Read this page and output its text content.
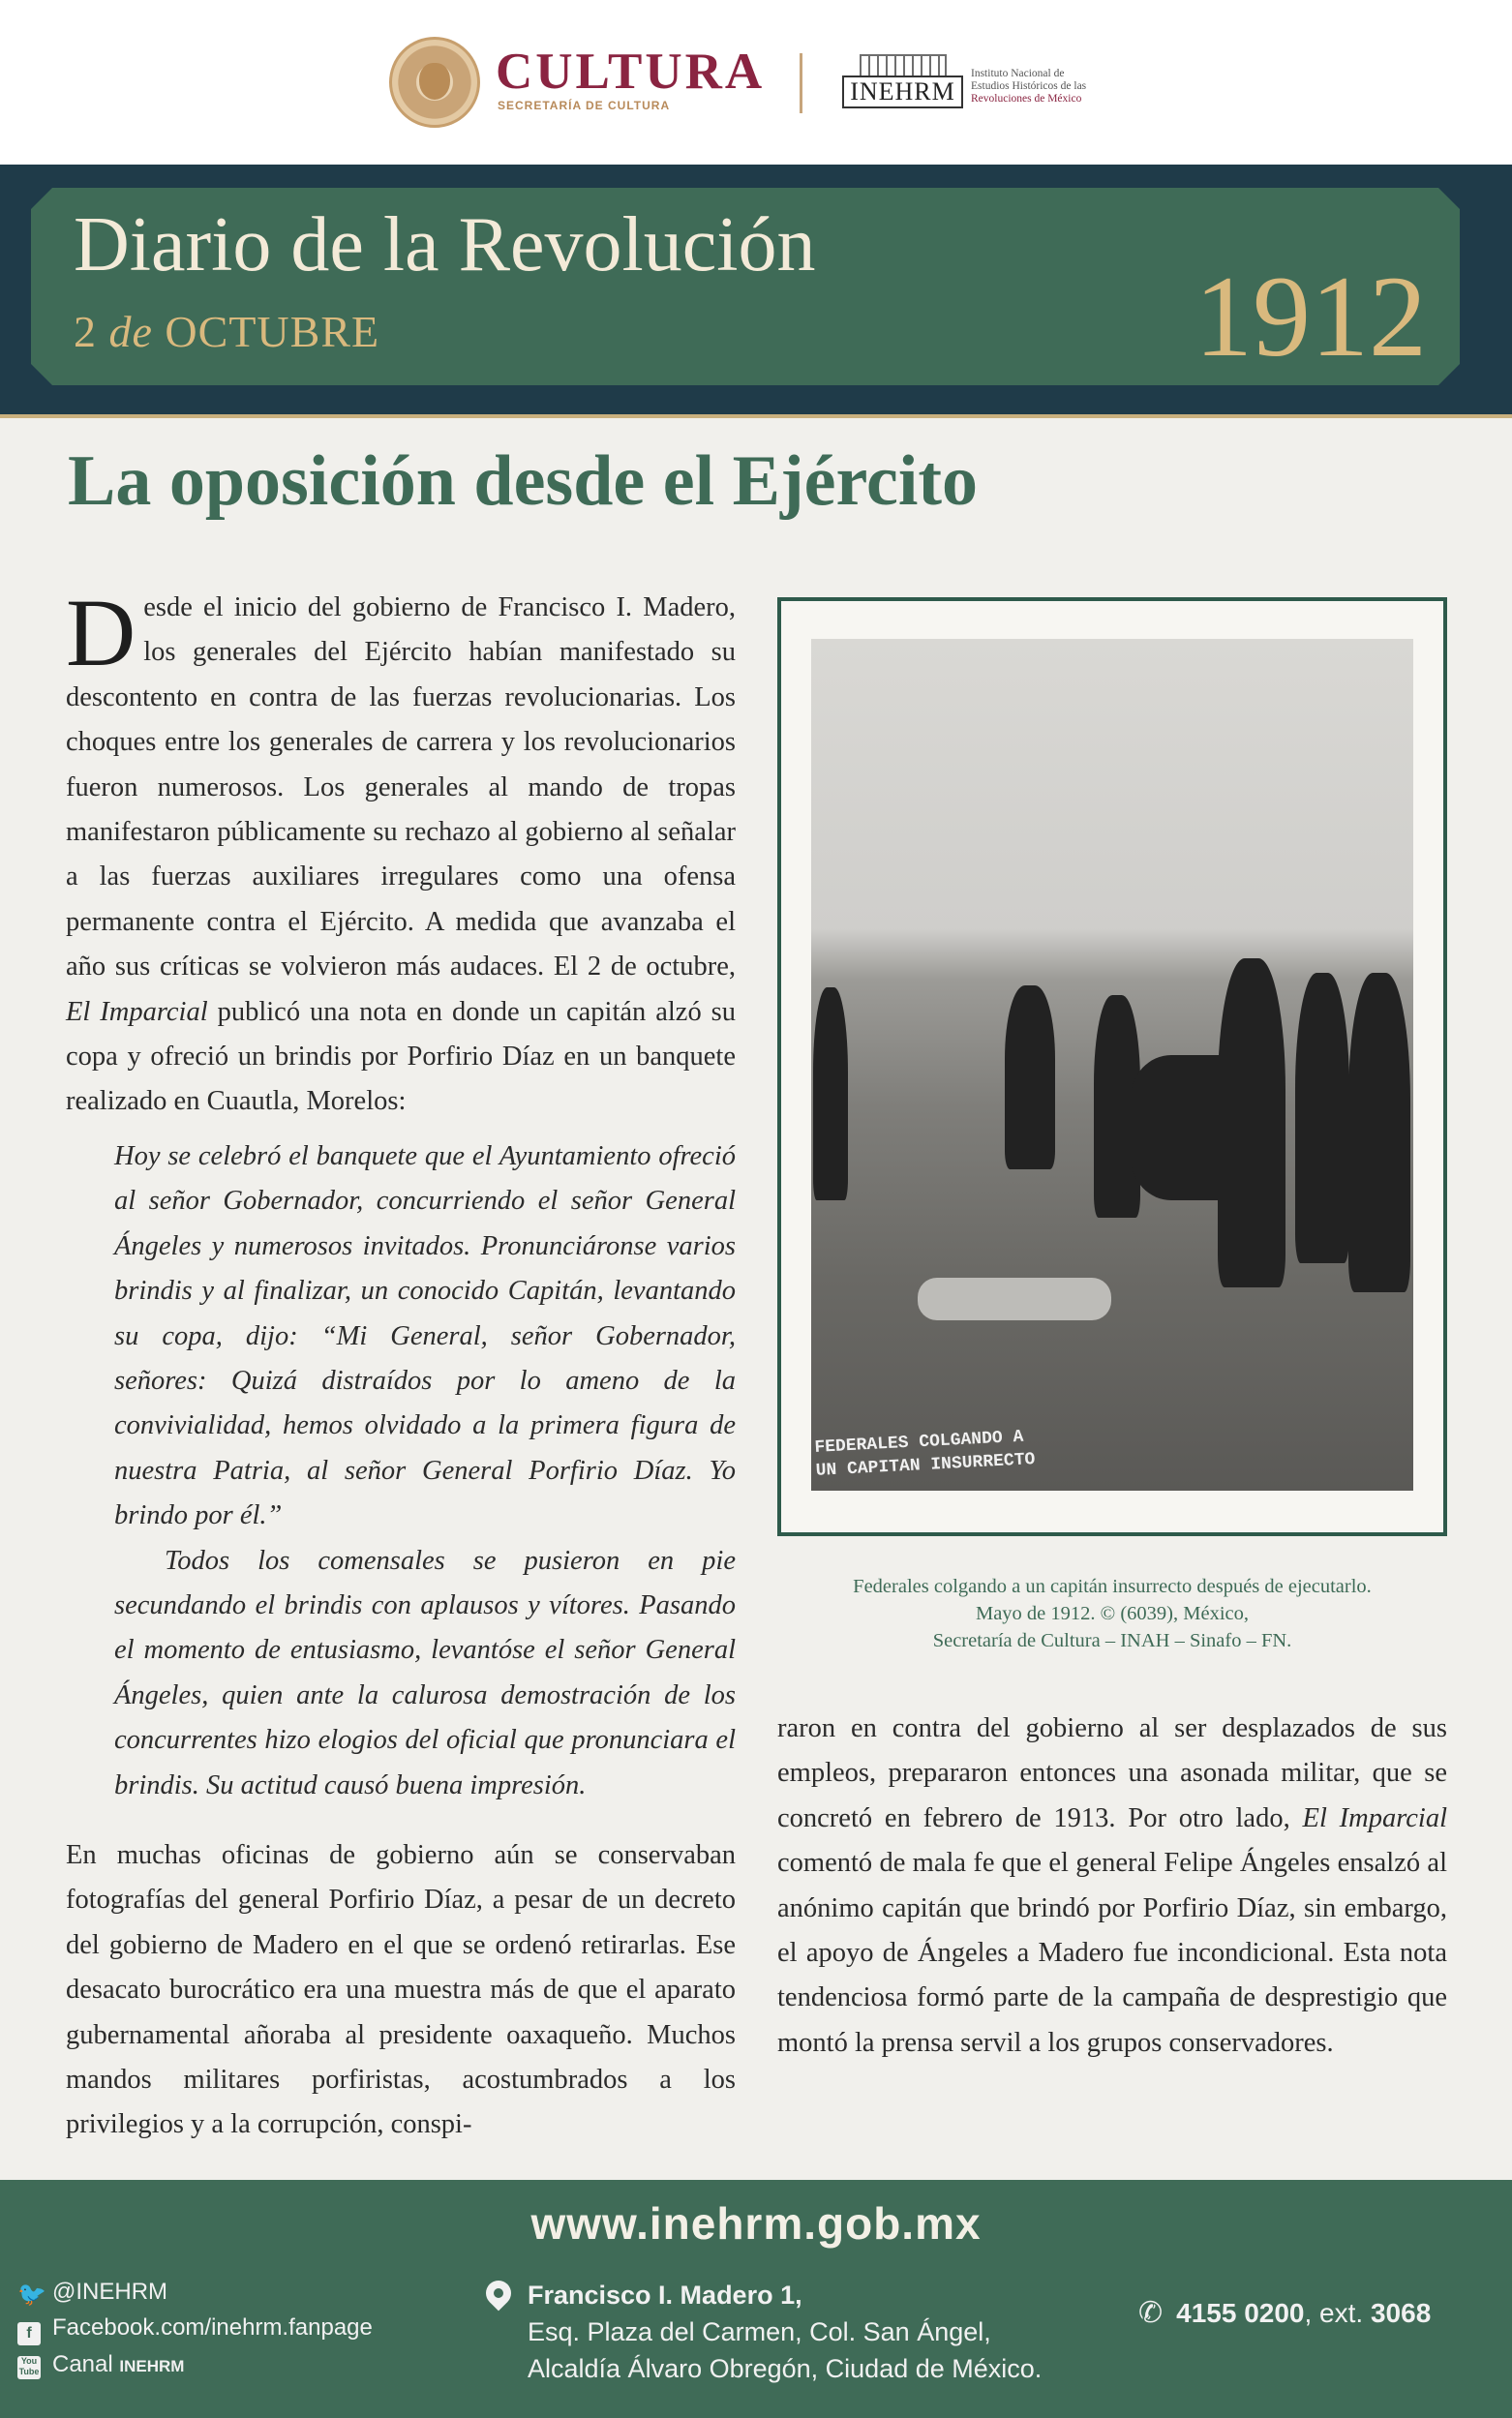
CULTURA
SECRETARÍA DE CULTURA	INEHRM
Instituto Nacional de
Estudios Históricos de las
Revoluciones de México
Diario de la Revolución
2 de OCTUBRE	1912
La oposición desde el Ejército

Desde el inicio del gobierno de Francisco I. Madero, los generales del Ejército habían manifestado su descontento en contra de las fuerzas revolucionarias. Los choques entre los generales de carrera y los revolucionarios fueron numerosos. Los generales al mando de tropas manifestaron públicamente su rechazo al gobierno al señalar a las fuerzas auxiliares irregulares como una ofensa permanente contra el Ejército. A medida que avanzaba el año sus críticas se volvieron más audaces. El 2 de octubre, El Imparcial publicó una nota en donde un capitán alzó su copa y ofreció un brindis por Porfirio Díaz en un banquete realizado en Cuautla, Morelos:

Hoy se celebró el banquete que el Ayuntamiento ofreció al señor Gobernador, concurriendo el señor General Ángeles y numerosos invitados. Pronunciáronse varios brindis y al finalizar, un conocido Capitán, levantando su copa, dijo: “Mi General, señor Gobernador, señores: Quizá distraídos por lo ameno de la convivialidad, hemos olvidado a la primera figura de nuestra Patria, al señor General Porfirio Díaz. Yo brindo por él.”

Todos los comensales se pusieron en pie secundando el brindis con aplausos y vítores. Pasando el momento de entusiasmo, levantóse el señor General Ángeles, quien ante la calurosa demostración de los concurrentes hizo elogios del oficial que pronunciara el brindis. Su actitud causó buena impresión.

En muchas oficinas de gobierno aún se conservaban fotografías del general Porfirio Díaz, a pesar de un decreto del gobierno de Madero en el que se ordenó retirarlas. Ese desacato burocrático era una muestra más de que el aparato gubernamental añoraba al presidente oaxaqueño. Muchos mandos militares porfiristas, acostumbrados a los privilegios y a la corrupción, conspi-

FEDERALES COLGANDO A
UN CAPITAN INSURRECTO
Federales colgando a un capitán insurrecto después de ejecutarlo.
Mayo de 1912. © (6039), México,
Secretaría de Cultura – INAH – Sinafo – FN.
raron en contra del gobierno al ser desplazados de sus empleos, prepararon entonces una asonada militar, que se concretó en febrero de 1913. Por otro lado, El Imparcial comentó de mala fe que el general Felipe Ángeles ensalzó al anónimo capitán que brindó por Porfirio Díaz, sin embargo, el apoyo de Ángeles a Madero fue incondicional. Esta nota tendenciosa formó parte de la campaña de desprestigio que montó la prensa servil a los grupos conservadores.
www.inehrm.gob.mx
🐦 @INEHRM
f Facebook.com/inehrm.fanpage
You
Tube Canal INEHRM
Francisco I. Madero 1,
Esq. Plaza del Carmen, Col. San Ángel,
Alcaldía Álvaro Obregón, Ciudad de México.
✆ 4155 0200, ext. 3068
